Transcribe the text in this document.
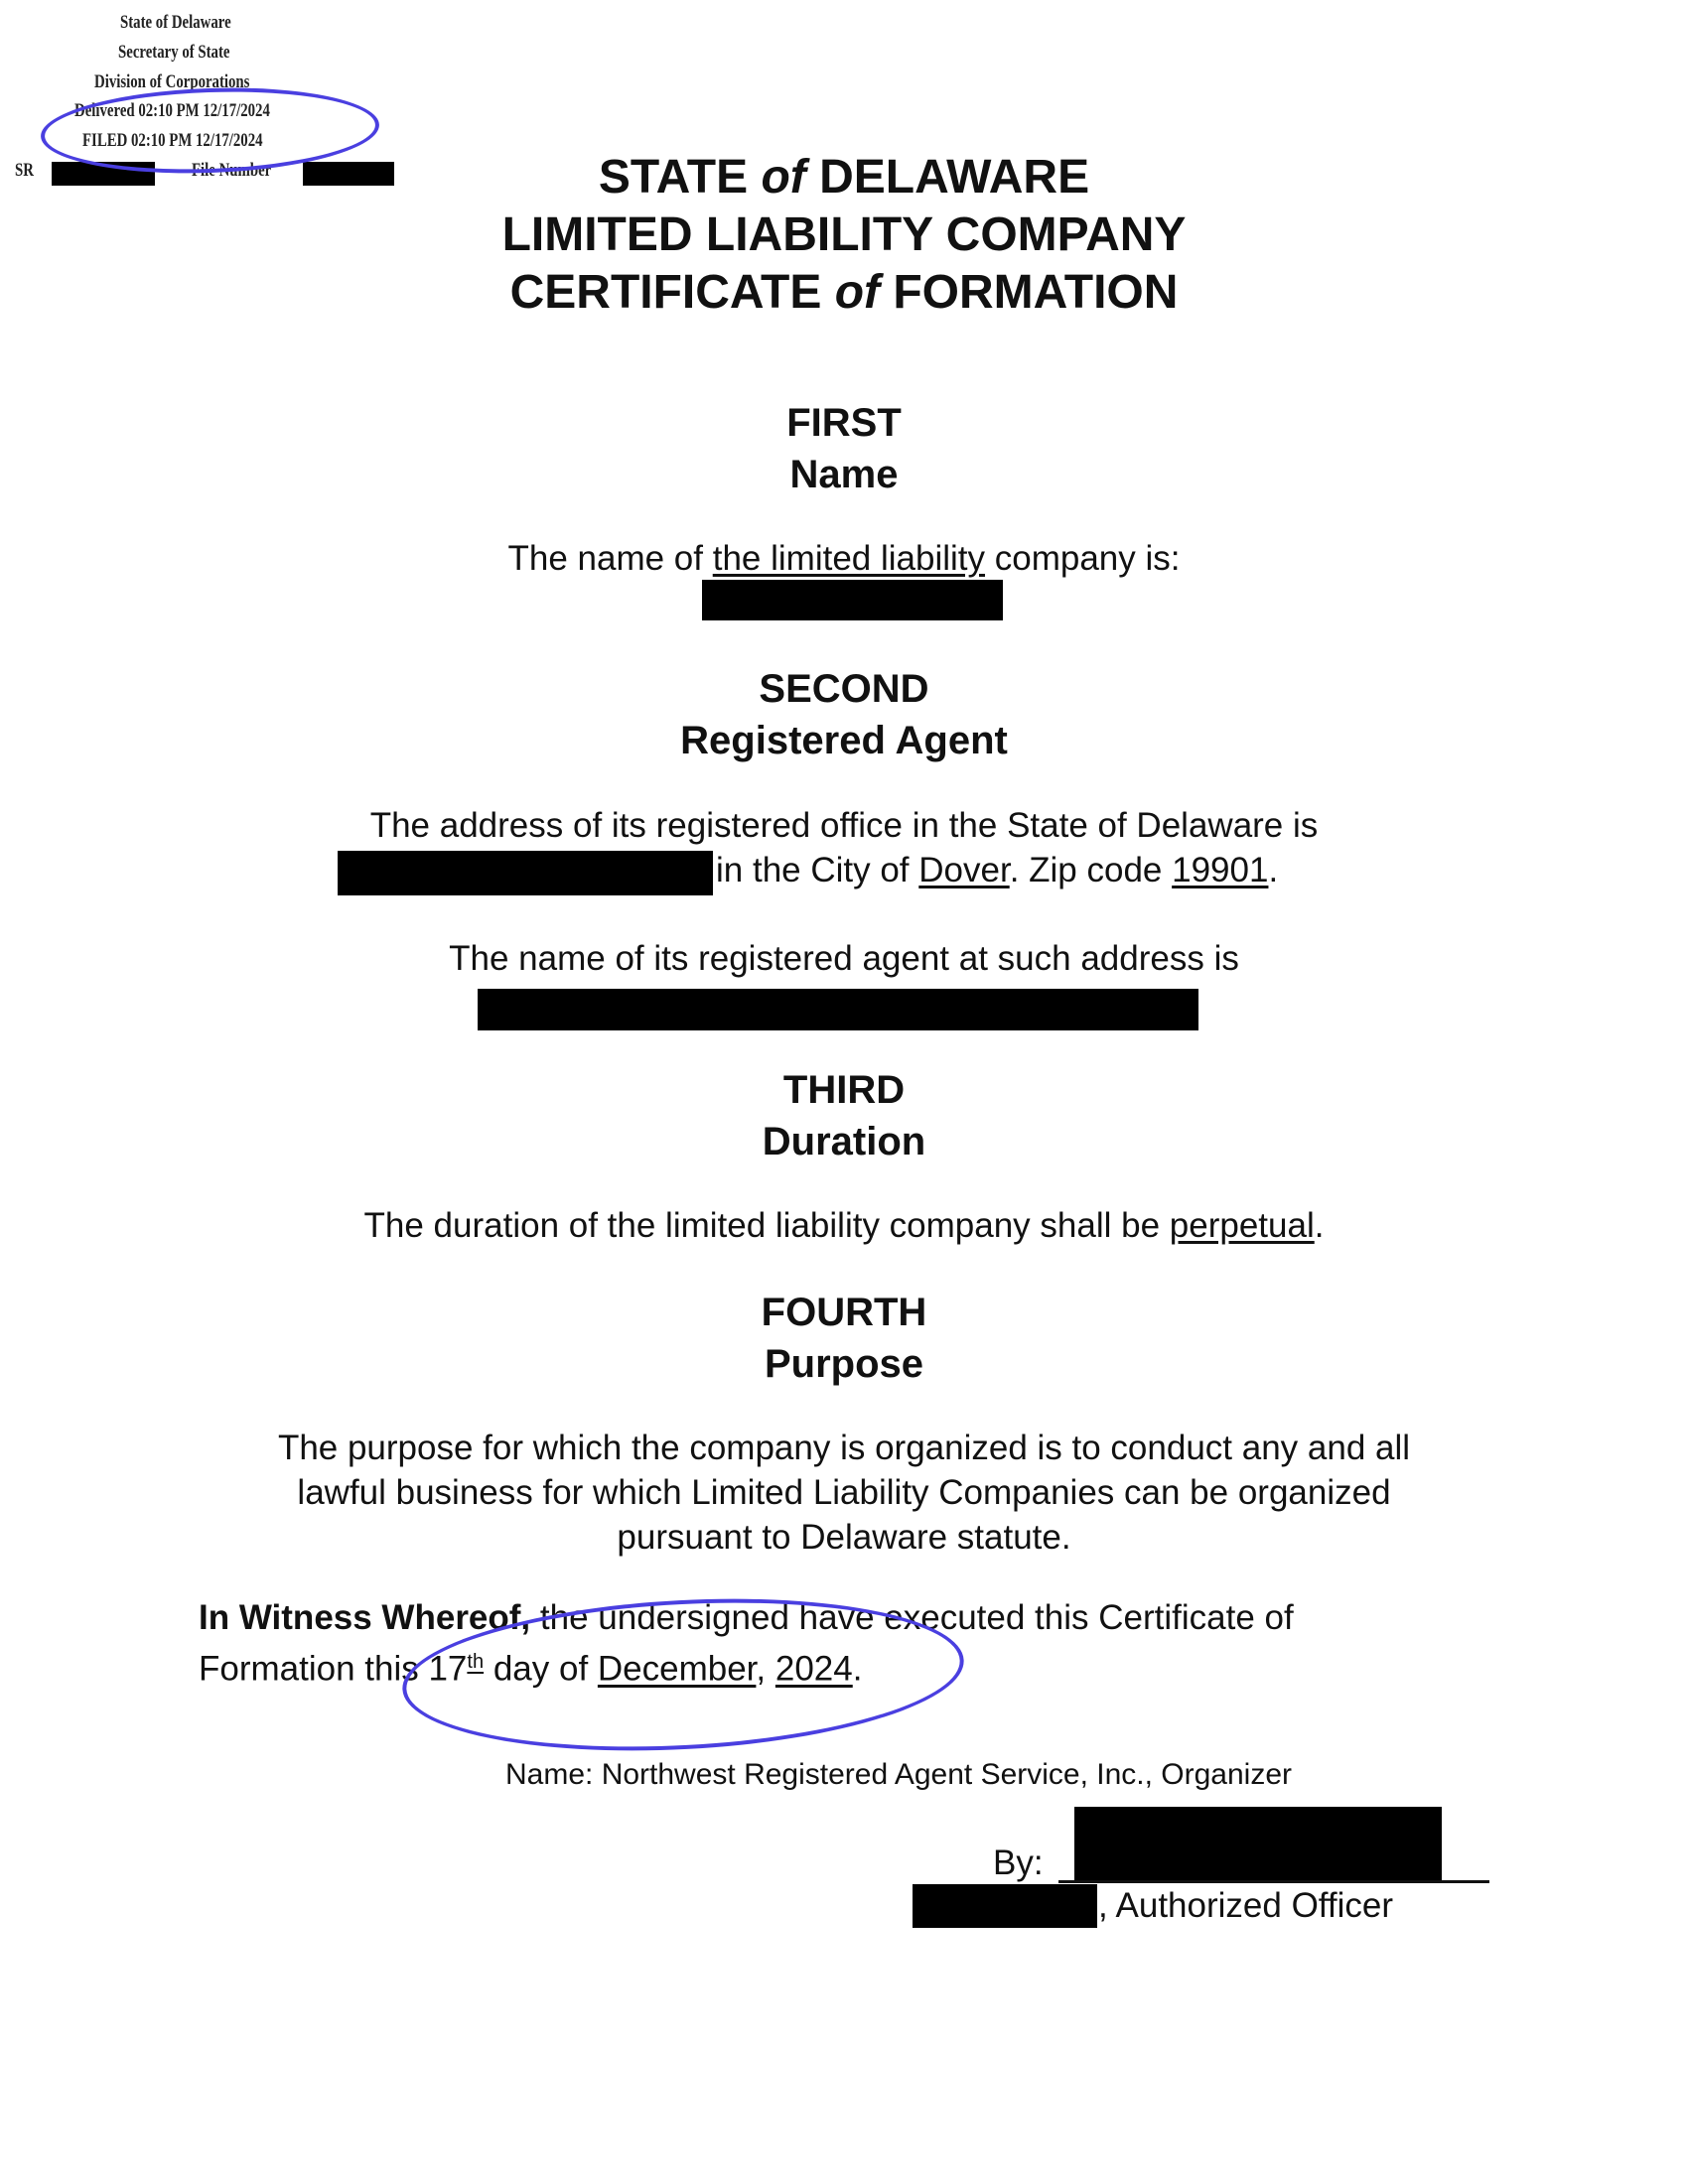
State of Delaware
Secretary of State
Division of Corporations
Delivered 02:10 PM 12/17/2024
FILED 02:10 PM 12/17/2024
SR	File Number	STATE of DELAWARE
LIMITED LIABILITY COMPANY
CERTIFICATE of FORMATION
FIRST
Name
The name of the limited liability company is:
SECOND
Registered Agent
The address of its registered office in the State of Delaware is
in the City of Dover. Zip code 19901.
The name of its registered agent at such address is
THIRD
Duration
The duration of the limited liability company shall be perpetual.
FOURTH
Purpose
The purpose for which the company is organized is to conduct any and all
lawful business for which Limited Liability Companies can be organized
pursuant to Delaware statute.
In Witness Whereof, the undersigned have executed this Certificate of
Formation this 17th day of December, 2024.
Name: Northwest Registered Agent Service, Inc., Organizer
By:
, Authorized Officer
